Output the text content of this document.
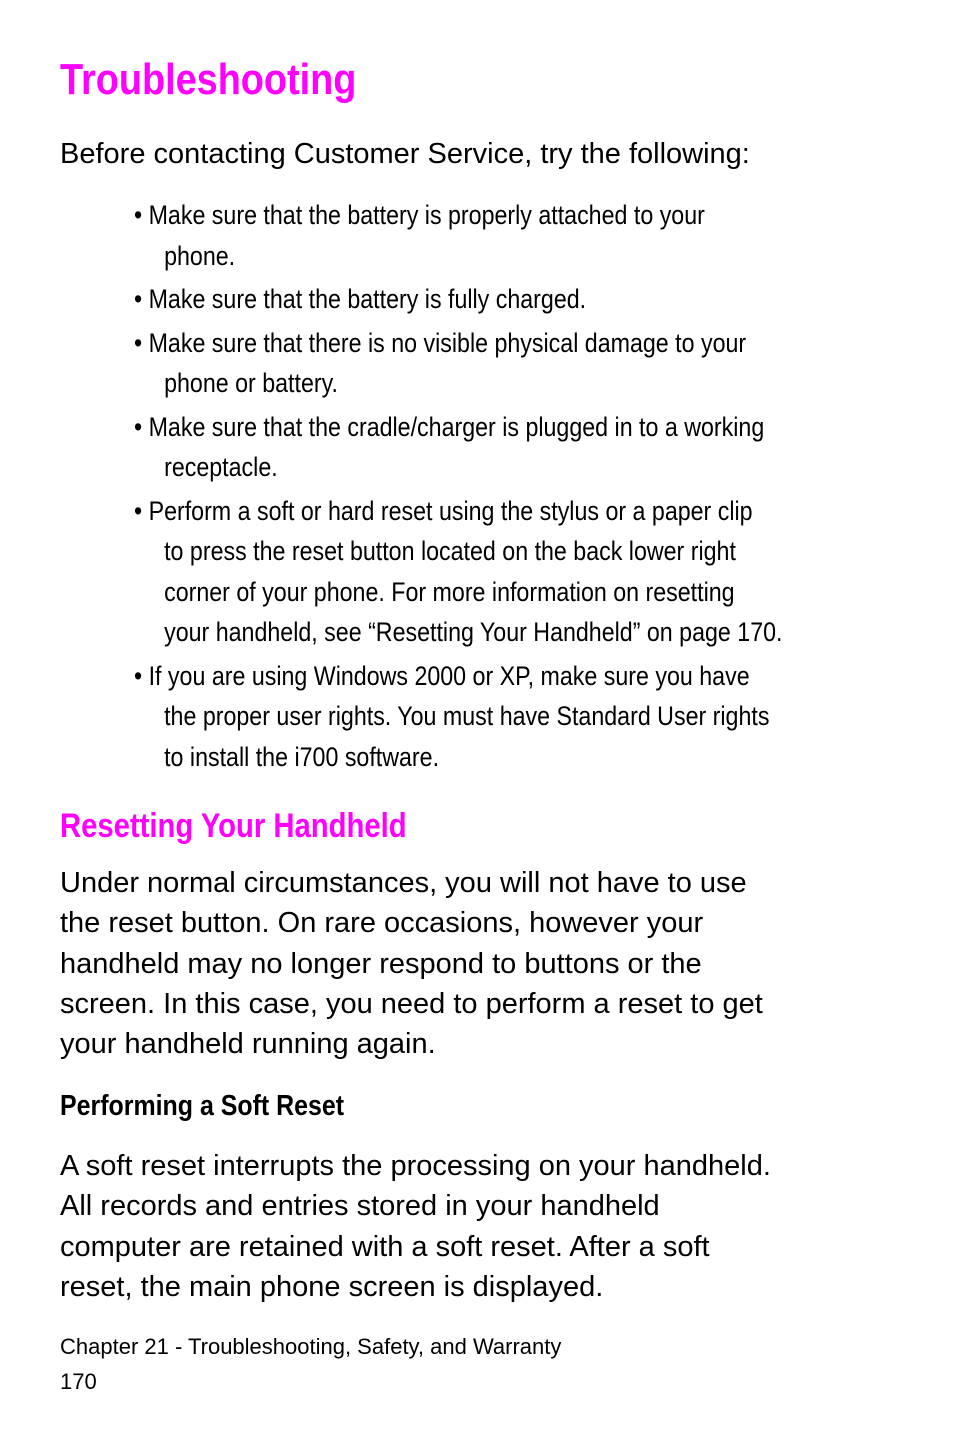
Troubleshooting

Before contacting Customer Service, try the following:

• Make sure that the battery is properly attached to your
phone.
• Make sure that the battery is fully charged.
• Make sure that there is no visible physical damage to your
phone or battery.
• Make sure that the cradle/charger is plugged in to a working
receptacle.
• Perform a soft or hard reset using the stylus or a paper clip
to press the reset button located on the back lower right
corner of your phone. For more information on resetting
your handheld, see “Resetting Your Handheld” on page 170.
• If you are using Windows 2000 or XP, make sure you have
the proper user rights. You must have Standard User rights
to install the i700 software.
Resetting Your Handheld

Under normal circumstances, you will not have to use
the reset button. On rare occasions, however your
handheld may no longer respond to buttons or the
screen. In this case, you need to perform a reset to get
your handheld running again.

Performing a Soft Reset

A soft reset interrupts the processing on your handheld.
All records and entries stored in your handheld
computer are retained with a soft reset. After a soft
reset, the main phone screen is displayed.

Chapter 21 - Troubleshooting, Safety, and Warranty

170
